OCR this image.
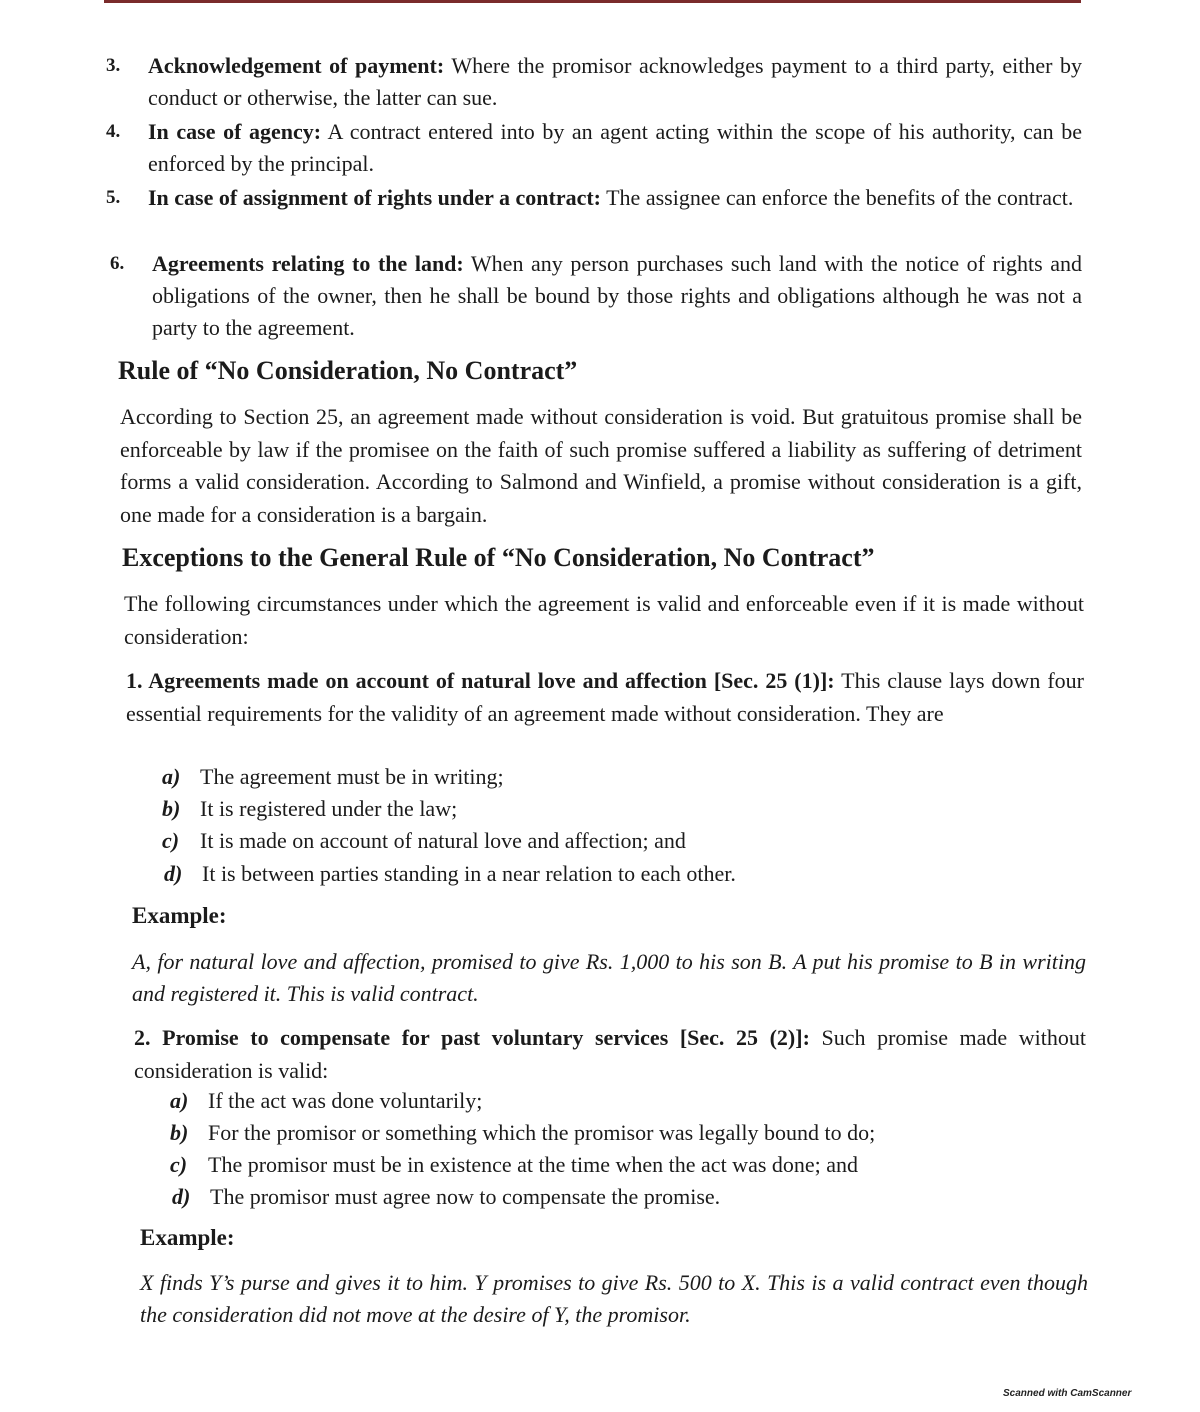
3. Acknowledgement of payment: Where the promisor acknowledges payment to a third party, either by conduct or otherwise, the latter can sue.
4. In case of agency: A contract entered into by an agent acting within the scope of his authority, can be enforced by the principal.
5. In case of assignment of rights under a contract: The assignee can enforce the benefits of the contract.
6. Agreements relating to the land: When any person purchases such land with the notice of rights and obligations of the owner, then he shall be bound by those rights and obligations although he was not a party to the agreement.
Rule of “No Consideration, No Contract”
According to Section 25, an agreement made without consideration is void. But gratuitous promise shall be enforceable by law if the promisee on the faith of such promise suffered a liability as suffering of detriment forms a valid consideration. According to Salmond and Winfield, a promise without consideration is a gift, one made for a consideration is a bargain.
Exceptions to the General Rule of “No Consideration, No Contract”
The following circumstances under which the agreement is valid and enforceable even if it is made without consideration:
1. Agreements made on account of natural love and affection [Sec. 25 (1)]: This clause lays down four essential requirements for the validity of an agreement made without consideration. They are
a) The agreement must be in writing;
b) It is registered under the law;
c) It is made on account of natural love and affection; and
d) It is between parties standing in a near relation to each other.
Example:
A, for natural love and affection, promised to give Rs. 1,000 to his son B. A put his promise to B in writing and registered it. This is valid contract.
2. Promise to compensate for past voluntary services [Sec. 25 (2)]: Such promise made without consideration is valid:
a) If the act was done voluntarily;
b) For the promisor or something which the promisor was legally bound to do;
c) The promisor must be in existence at the time when the act was done; and
d) The promisor must agree now to compensate the promise.
Example:
X finds Y’s purse and gives it to him. Y promises to give Rs. 500 to X. This is a valid contract even though the consideration did not move at the desire of Y, the promisor.
Scanned with CamScanner
